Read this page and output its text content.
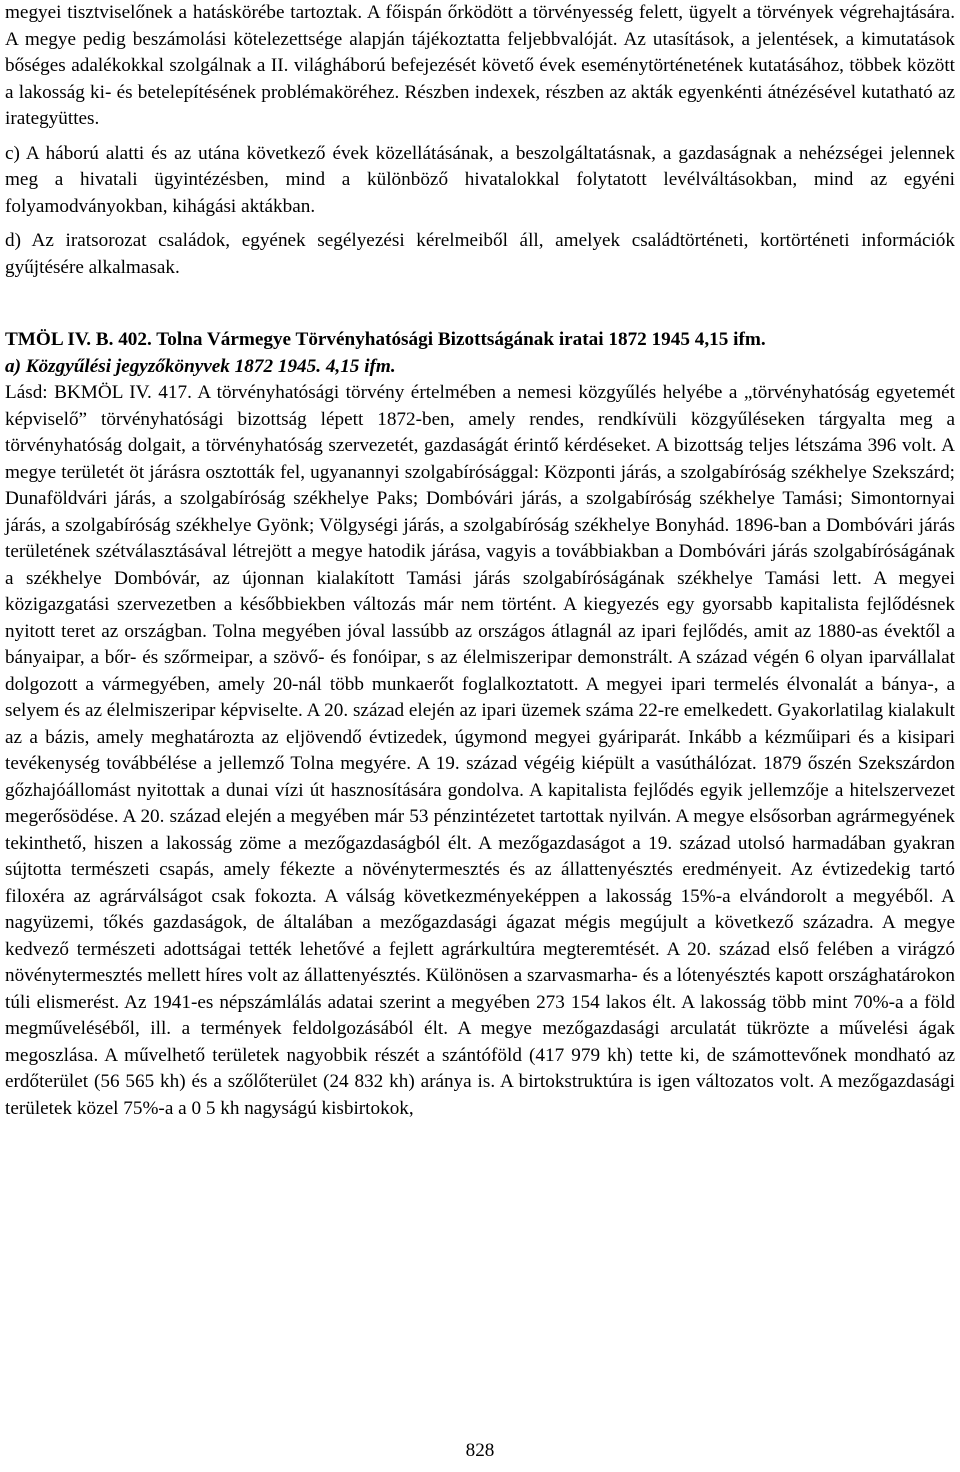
megyei tisztviselőnek a hatáskörébe tartoztak. A főispán őrködött a törvényesség felett, ügyelt a törvények végrehajtására. A megye pedig beszámolási kötelezettsége alapján tájékoztatta feljebbvalóját. Az utasítások, a jelentések, a kimutatások bőséges adalékokkal szolgálnak a II. világháború befejezését követő évek eseménytörténetének kutatásához, többek között a lakosság ki- és betelepítésének problémaköréhez. Részben indexek, részben az akták egyenkénti átnézésével kutatható az irategyüttes.

c) A háború alatti és az utána következő évek közellátásának, a beszolgáltatásnak, a gazdaságnak a nehézségei jelennek meg a hivatali ügyintézésben, mind a különböző hivatalokkal folytatott levélváltásokban, mind az egyéni folyamodványokban, kihágási aktákban.

d) Az iratsorozat családok, egyének segélyezési kérelmeiből áll, amelyek családtörténeti, kortörténeti információk gyűjtésére alkalmasak.

TMÖL IV. B. 402. Tolna Vármegye Törvényhatósági Bizottságának iratai 1872 1945 4,15 ifm.

a) Közgyűlési jegyzőkönyvek 1872 1945. 4,15 ifm.

Lásd: BKMÖL IV. 417. A törvényhatósági törvény értelmében a nemesi közgyűlés helyébe a „törvényhatóság egyetemét képviselő” törvényhatósági bizottság lépett 1872-ben, amely rendes, rendkívüli közgyűléseken tárgyalta meg a törvényhatóság dolgait, a törvényhatóság szervezetét, gazdaságát érintő kérdéseket. A bizottság teljes létszáma 396 volt. A megye területét öt járásra osztották fel, ugyanannyi szolgabírósággal: Központi járás, a szolgabíróság székhelye Szekszárd; Dunaföldvári járás, a szolgabíróság székhelye Paks; Dombóvári járás, a szolgabíróság székhelye Tamási; Simontornyai járás, a szolgabíróság székhelye Gyönk; Völgységi járás, a szolgabíróság székhelye Bonyhád. 1896-ban a Dombóvári járás területének szétválasztásával létrejött a megye hatodik járása, vagyis a továbbiakban a Dombóvári járás szolgabíróságának a székhelye Dombóvár, az újonnan kialakított Tamási járás szolgabíróságának székhelye Tamási lett. A megyei közigazgatási szervezetben a későbbiekben változás már nem történt. A kiegyezés egy gyorsabb kapitalista fejlődésnek nyitott teret az országban. Tolna megyében jóval lassúbb az országos átlagnál az ipari fejlődés, amit az 1880-as évektől a bányaipar, a bőr- és szőrmeipar, a szövő- és fonóipar, s az élelmiszeripar demonstrált. A század végén 6 olyan iparvállalat dolgozott a vármegyében, amely 20-nál több munkaerőt foglalkoztatott. A megyei ipari termelés élvonalát a bánya-, a selyem és az élelmiszeripar képviselte. A 20. század elején az ipari üzemek száma 22-re emelkedett. Gyakorlatilag kialakult az a bázis, amely meghatározta az eljövendő évtizedek, úgymond megyei gyáriparát. Inkább a kézműipari és a kisipari tevékenység továbbélése a jellemző Tolna megyére. A 19. század végéig kiépült a vasúthálózat. 1879 őszén Szekszárdon gőzhajóállomást nyitottak a dunai vízi út hasznosítására gondolva. A kapitalista fejlődés egyik jellemzője a hitelszervezet megerősödése. A 20. század elején a megyében már 53 pénzintézetet tartottak nyilván. A megye elsősorban agrármegyének tekinthető, hiszen a lakosság zöme a mezőgazdaságból élt. A mezőgazdaságot a 19. század utolsó harmadában gyakran sújtotta természeti csapás, amely fékezte a növénytermesztés és az állattenyésztés eredményeit. Az évtizedekig tartó filoxéra az agrárválságot csak fokozta. A válság következményeképpen a lakosság 15%-a elvándorolt a megyéből. A nagyüzemi, tőkés gazdaságok, de általában a mezőgazdasági ágazat mégis megújult a következő századra. A megye kedvező természeti adottságai tették lehetővé a fejlett agrárkultúra megteremtését. A 20. század első felében a virágzó növénytermesztés mellett híres volt az állattenyésztés. Különösen a szarvasmarha- és a lótenyésztés kapott országhatárokon túli elismerést. Az 1941-es népszámlálás adatai szerint a megyében 273 154 lakos élt. A lakosság több mint 70%-a a föld megműveléséből, ill. a termények feldolgozásából élt. A megye mezőgazdasági arculatát tükrözte a művelési ágak megoszlása. A művelhető területek nagyobbik részét a szántóföld (417 979 kh) tette ki, de számottevőnek mondható az erdőterület (56 565 kh) és a szőlőterület (24 832 kh) aránya is. A birtokstruktúra is igen változatos volt. A mezőgazdasági területek közel 75%-a a 0 5 kh nagyságú kisbirtokok,

828
